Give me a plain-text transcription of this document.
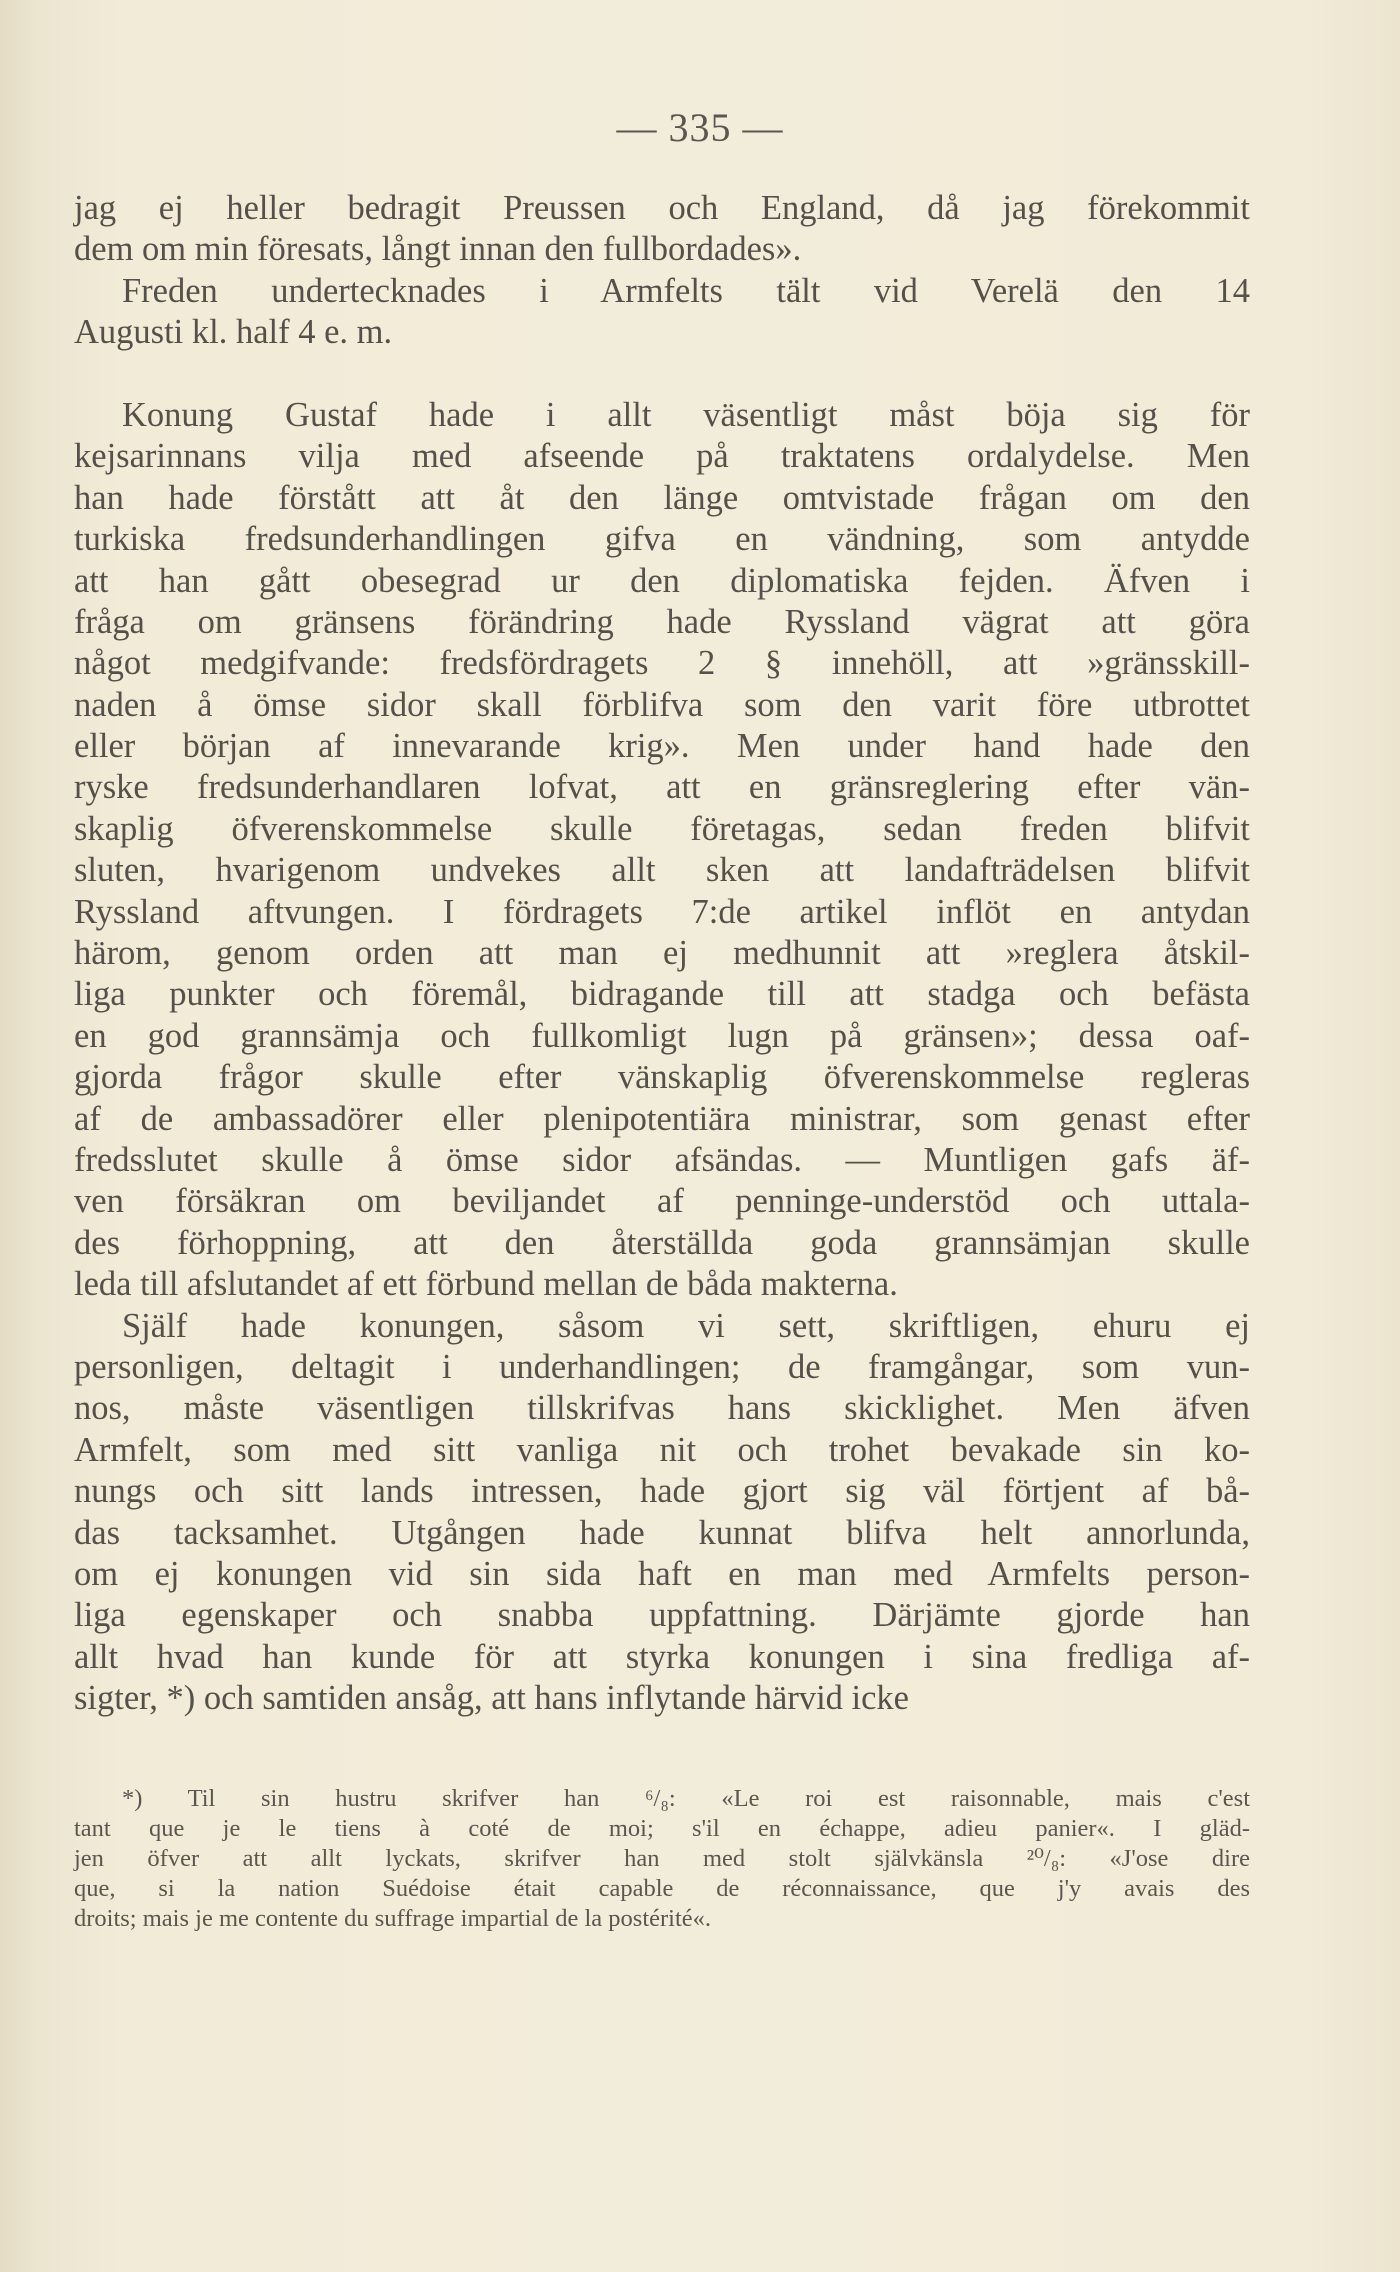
— 335 —
jag ej heller bedragit Preussen och England, då jag förekommit
dem om min föresats, långt innan den fullbordades».
Freden undertecknades i Armfelts tält vid Verelä den 14
Augusti kl. half 4 e. m.
Konung Gustaf hade i allt väsentligt måst böja sig för
kejsarinnans vilja med afseende på traktatens ordalydelse. Men
han hade förstått att åt den länge omtvistade frågan om den
turkiska fredsunderhandlingen gifva en vändning, som antydde
att han gått obesegrad ur den diplomatiska fejden. Äfven i
fråga om gränsens förändring hade Ryssland vägrat att göra
något medgifvande: fredsfördragets 2 § innehöll, att »gränsskill-
naden å ömse sidor skall förblifva som den varit före utbrottet
eller början af innevarande krig». Men under hand hade den
ryske fredsunderhandlaren lofvat, att en gränsreglering efter vän-
skaplig öfverenskommelse skulle företagas, sedan freden blifvit
sluten, hvarigenom undvekes allt sken att landafträdelsen blifvit
Ryssland aftvungen. I fördragets 7:de artikel inflöt en antydan
härom, genom orden att man ej medhunnit att »reglera åtskil-
liga punkter och föremål, bidragande till att stadga och befästa
en god grannsämja och fullkomligt lugn på gränsen»; dessa oaf-
gjorda frågor skulle efter vänskaplig öfverenskommelse regleras
af de ambassadörer eller plenipotentiära ministrar, som genast efter
fredsslutet skulle å ömse sidor afsändas. — Muntligen gafs äf-
ven försäkran om beviljandet af penninge-understöd och uttala-
des förhoppning, att den återställda goda grannsämjan skulle
leda till afslutandet af ett förbund mellan de båda makterna.
Själf hade konungen, såsom vi sett, skriftligen, ehuru ej
personligen, deltagit i underhandlingen; de framgångar, som vun-
nos, måste väsentligen tillskrifvas hans skicklighet. Men äfven
Armfelt, som med sitt vanliga nit och trohet bevakade sin ko-
nungs och sitt lands intressen, hade gjort sig väl förtjent af bå-
das tacksamhet. Utgången hade kunnat blifva helt annorlunda,
om ej konungen vid sin sida haft en man med Armfelts person-
liga egenskaper och snabba uppfattning. Därjämte gjorde han
allt hvad han kunde för att styrka konungen i sina fredliga af-
sigter, *) och samtiden ansåg, att hans inflytande härvid icke
*) Til sin hustru skrifver han ⁶/₈: «Le roi est raisonnable, mais c'est
tant que je le tiens à coté de moi; s'il en échappe, adieu panier«. I gläd-
jen öfver att allt lyckats, skrifver han med stolt självkänsla ²⁰/₈: «J'ose dire
que, si la nation Suédoise était capable de réconnaissance, que j'y avais des
droits; mais je me contente du suffrage impartial de la postérité«.
